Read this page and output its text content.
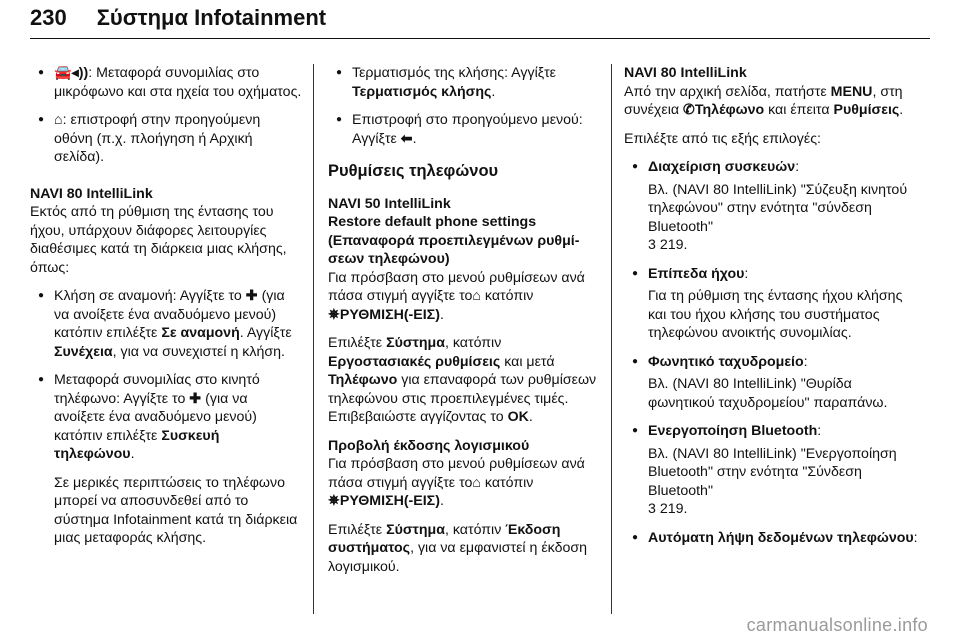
230 Σύστημα Infotainment
● 🚘◂)): Μεταφορά συνομιλίας στο μικρόφωνο και στα ηχεία του οχήματος.
● ⌂: επιστροφή στην προηγούμενη οθόνη (π.χ. πλοήγηση ή Αρχική σελίδα).

NAVI 80 IntelliLink

Εκτός από τη ρύθμιση της έντασης του ήχου, υπάρχουν διάφορες λειτουργίες διαθέσιμες κατά τη διάρκεια μιας κλήσης, όπως:

● Κλήση σε αναμονή: Αγγίξτε το ✚ (για να ανοίξετε ένα αναδυόμενο μενού) κατόπιν επιλέξτε Σε αναμονή. Αγγίξτε Συνέχεια, για να συνεχιστεί η κλήση.
● Μεταφορά συνομιλίας στο κινητό τηλέφωνο: Αγγίξτε το ✚ (για να ανοίξετε ένα αναδυόμενο μενού) κατόπιν επιλέξτε Συσκευή τηλεφώνου.

Σε μερικές περιπτώσεις το τηλέφωνο μπορεί να αποσυνδεθεί από το σύστημα Infotainment κατά τη διάρκεια μιας μεταφοράς κλήσης.

● Τερματισμός της κλήσης: Αγγίξτε Τερματισμός κλήσης.
● Επιστροφή στο προηγούμενο μενού: Αγγίξτε ⬅.
Ρυθμίσεις τηλεφώνου

NAVI 50 IntelliLink

Restore default phone settings (Επαναφορά προεπιλεγμένων ρυθμίσεων τηλεφώνου)

Για πρόσβαση στο μενού ρυθμίσεων ανά πάσα στιγμή αγγίξτε το⌂ κατόπιν ✵ΡΥΘΜΙΣΗ(-ΕΙΣ).

Επιλέξτε Σύστημα, κατόπιν Εργοστασιακές ρυθμίσεις και μετά Τηλέφωνο για επαναφορά των ρυθμίσεων τηλεφώνου στις προεπιλεγμένες τιμές. Επιβεβαιώστε αγγίζοντας το OK.

Προβολή έκδοσης λογισμικού

Για πρόσβαση στο μενού ρυθμίσεων ανά πάσα στιγμή αγγίξτε το⌂ κατόπιν ✵ΡΥΘΜΙΣΗ(-ΕΙΣ).

Επιλέξτε Σύστημα, κατόπιν Έκδοση συστήματος, για να εμφανιστεί η έκδοση λογισμικού.

NAVI 80 IntelliLink

Από την αρχική σελίδα, πατήστε MENU, στη συνέχεια ✆Τηλέφωνο και έπειτα Ρυθμίσεις.

Επιλέξτε από τις εξής επιλογές:

● Διαχείριση συσκευών:

Βλ. (NAVI 80 IntelliLink) "Σύζευξη κινητού τηλεφώνου" στην ενότητα "σύνδεση Bluetooth"
3 219.

● Επίπεδα ήχου:

Για τη ρύθμιση της έντασης ήχου κλήσης και του ήχου κλήσης του συστήματος τηλεφώνου ανοικτής συνομιλίας.

● Φωνητικό ταχυδρομείο:

Βλ. (NAVI 80 IntelliLink) "Θυρίδα φωνητικού ταχυδρομείου" παραπάνω.

● Ενεργοποίηση Bluetooth:

Βλ. (NAVI 80 IntelliLink) "Ενεργοποίηση Bluetooth" στην ενότητα "Σύνδεση Bluetooth"
3 219.

● Αυτόματη λήψη δεδομένων τηλεφώνου:
carmanualsonline.info
